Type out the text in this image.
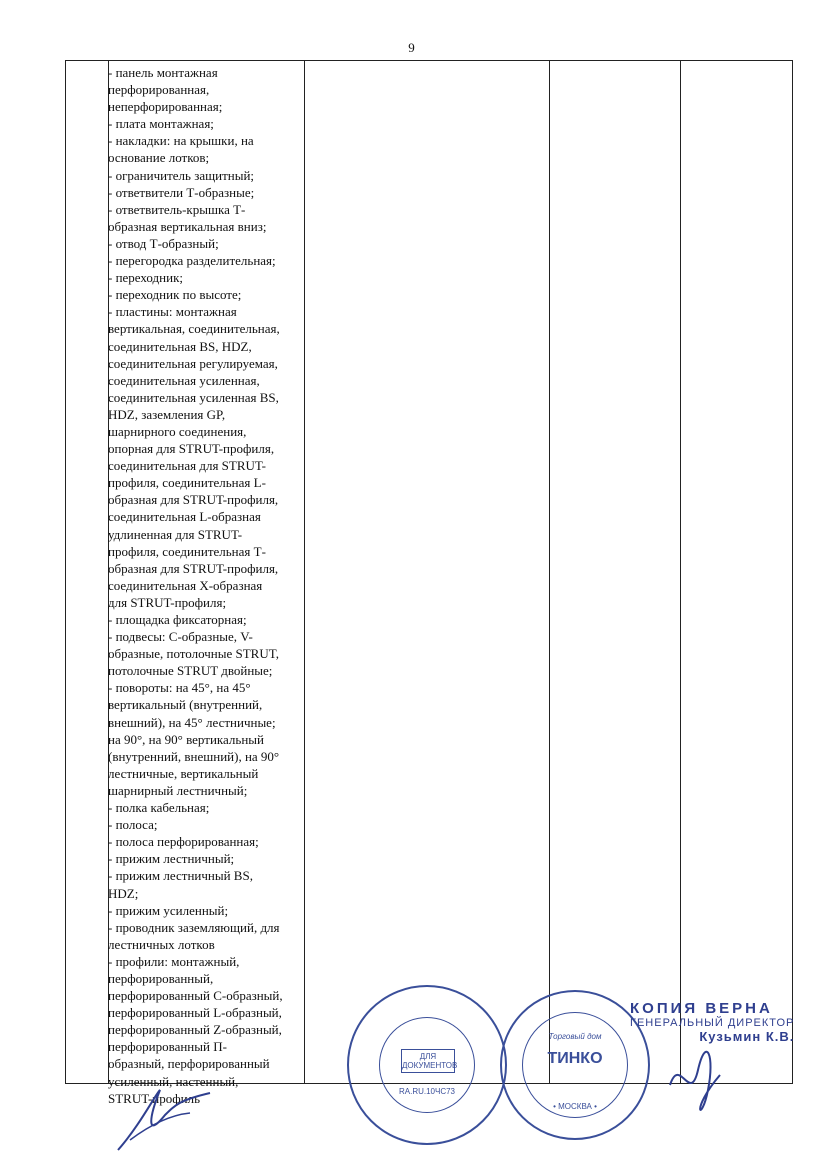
9
- панель монтажная
перфорированная,
неперфорированная;
- плата монтажная;
- накладки: на крышки, на
основание лотков;
- ограничитель защитный;
- ответвители Т-образные;
- ответвитель-крышка Т-
образная вертикальная вниз;
- отвод Т-образный;
- перегородка разделительная;
- переходник;
- переходник по высоте;
- пластины: монтажная
вертикальная, соединительная,
соединительная BS, HDZ,
соединительная регулируемая,
соединительная усиленная,
соединительная усиленная BS,
HDZ, заземления GP,
шарнирного соединения,
опорная для STRUT-профиля,
соединительная для STRUT-
профиля, соединительная L-
образная для STRUT-профиля,
соединительная L-образная
удлиненная для STRUT-
профиля, соединительная Т-
образная для STRUT-профиля,
соединительная X-образная
для STRUT-профиля;
- площадка фиксаторная;
- подвесы: С-образные, V-
образные, потолочные STRUT,
потолочные STRUT двойные;
- повороты: на 45°, на 45°
вертикальный (внутренний,
внешний), на 45° лестничные;
на 90°, на 90° вертикальный
(внутренний, внешний), на 90°
лестничные, вертикальный
шарнирный лестничный;
- полка кабельная;
- полоса;
- полоса перфорированная;
- прижим лестничный;
- прижим лестничный BS,
HDZ;
- прижим усиленный;
- проводник заземляющий, для
лестничных лотков
- профили: монтажный,
перфорированный,
перфорированный С-образный,
перфорированный L-образный,
перфорированный Z-образный,
перфорированный П-
образный, перфорированный
усиленный, настенный,
STRUT-профиль
ДЛЯ ДОКУМЕНТОВ
RA.RU.10ЧС73
Торговый дом
ТИНКО
• МОСКВА •
КОПИЯ ВЕРНА
ГЕНЕРАЛЬНЫЙ ДИРЕКТОР
Кузьмин К.В.
